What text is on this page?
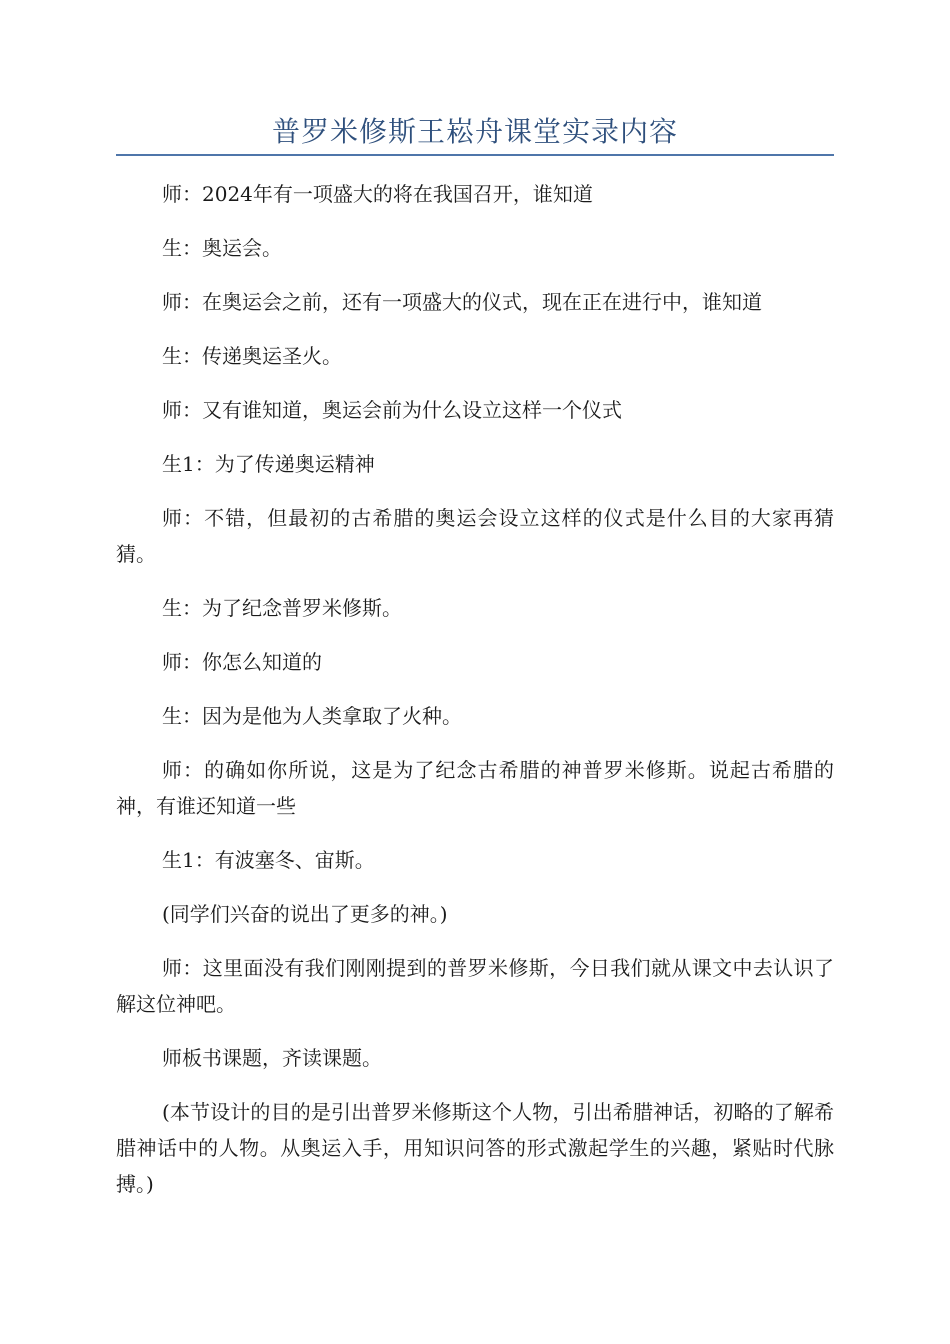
普罗米修斯王崧舟课堂实录内容

师：2024年有一项盛大的将在我国召开，谁知道

生：奥运会。

师：在奥运会之前，还有一项盛大的仪式，现在正在进行中，谁知道

生：传递奥运圣火。

师：又有谁知道，奥运会前为什么设立这样一个仪式

生1：为了传递奥运精神

师：不错，但最初的古希腊的奥运会设立这样的仪式是什么目的大家再猜猜。

生：为了纪念普罗米修斯。

师：你怎么知道的

生：因为是他为人类拿取了火种。

师：的确如你所说，这是为了纪念古希腊的神普罗米修斯。说起古希腊的神，有谁还知道一些

生1：有波塞冬、宙斯。

(同学们兴奋的说出了更多的神。)

师：这里面没有我们刚刚提到的普罗米修斯，今日我们就从课文中去认识了解这位神吧。

师板书课题，齐读课题。

(本节设计的目的是引出普罗米修斯这个人物，引出希腊神话，初略的了解希腊神话中的人物。从奥运入手，用知识问答的形式激起学生的兴趣，紧贴时代脉搏。)
